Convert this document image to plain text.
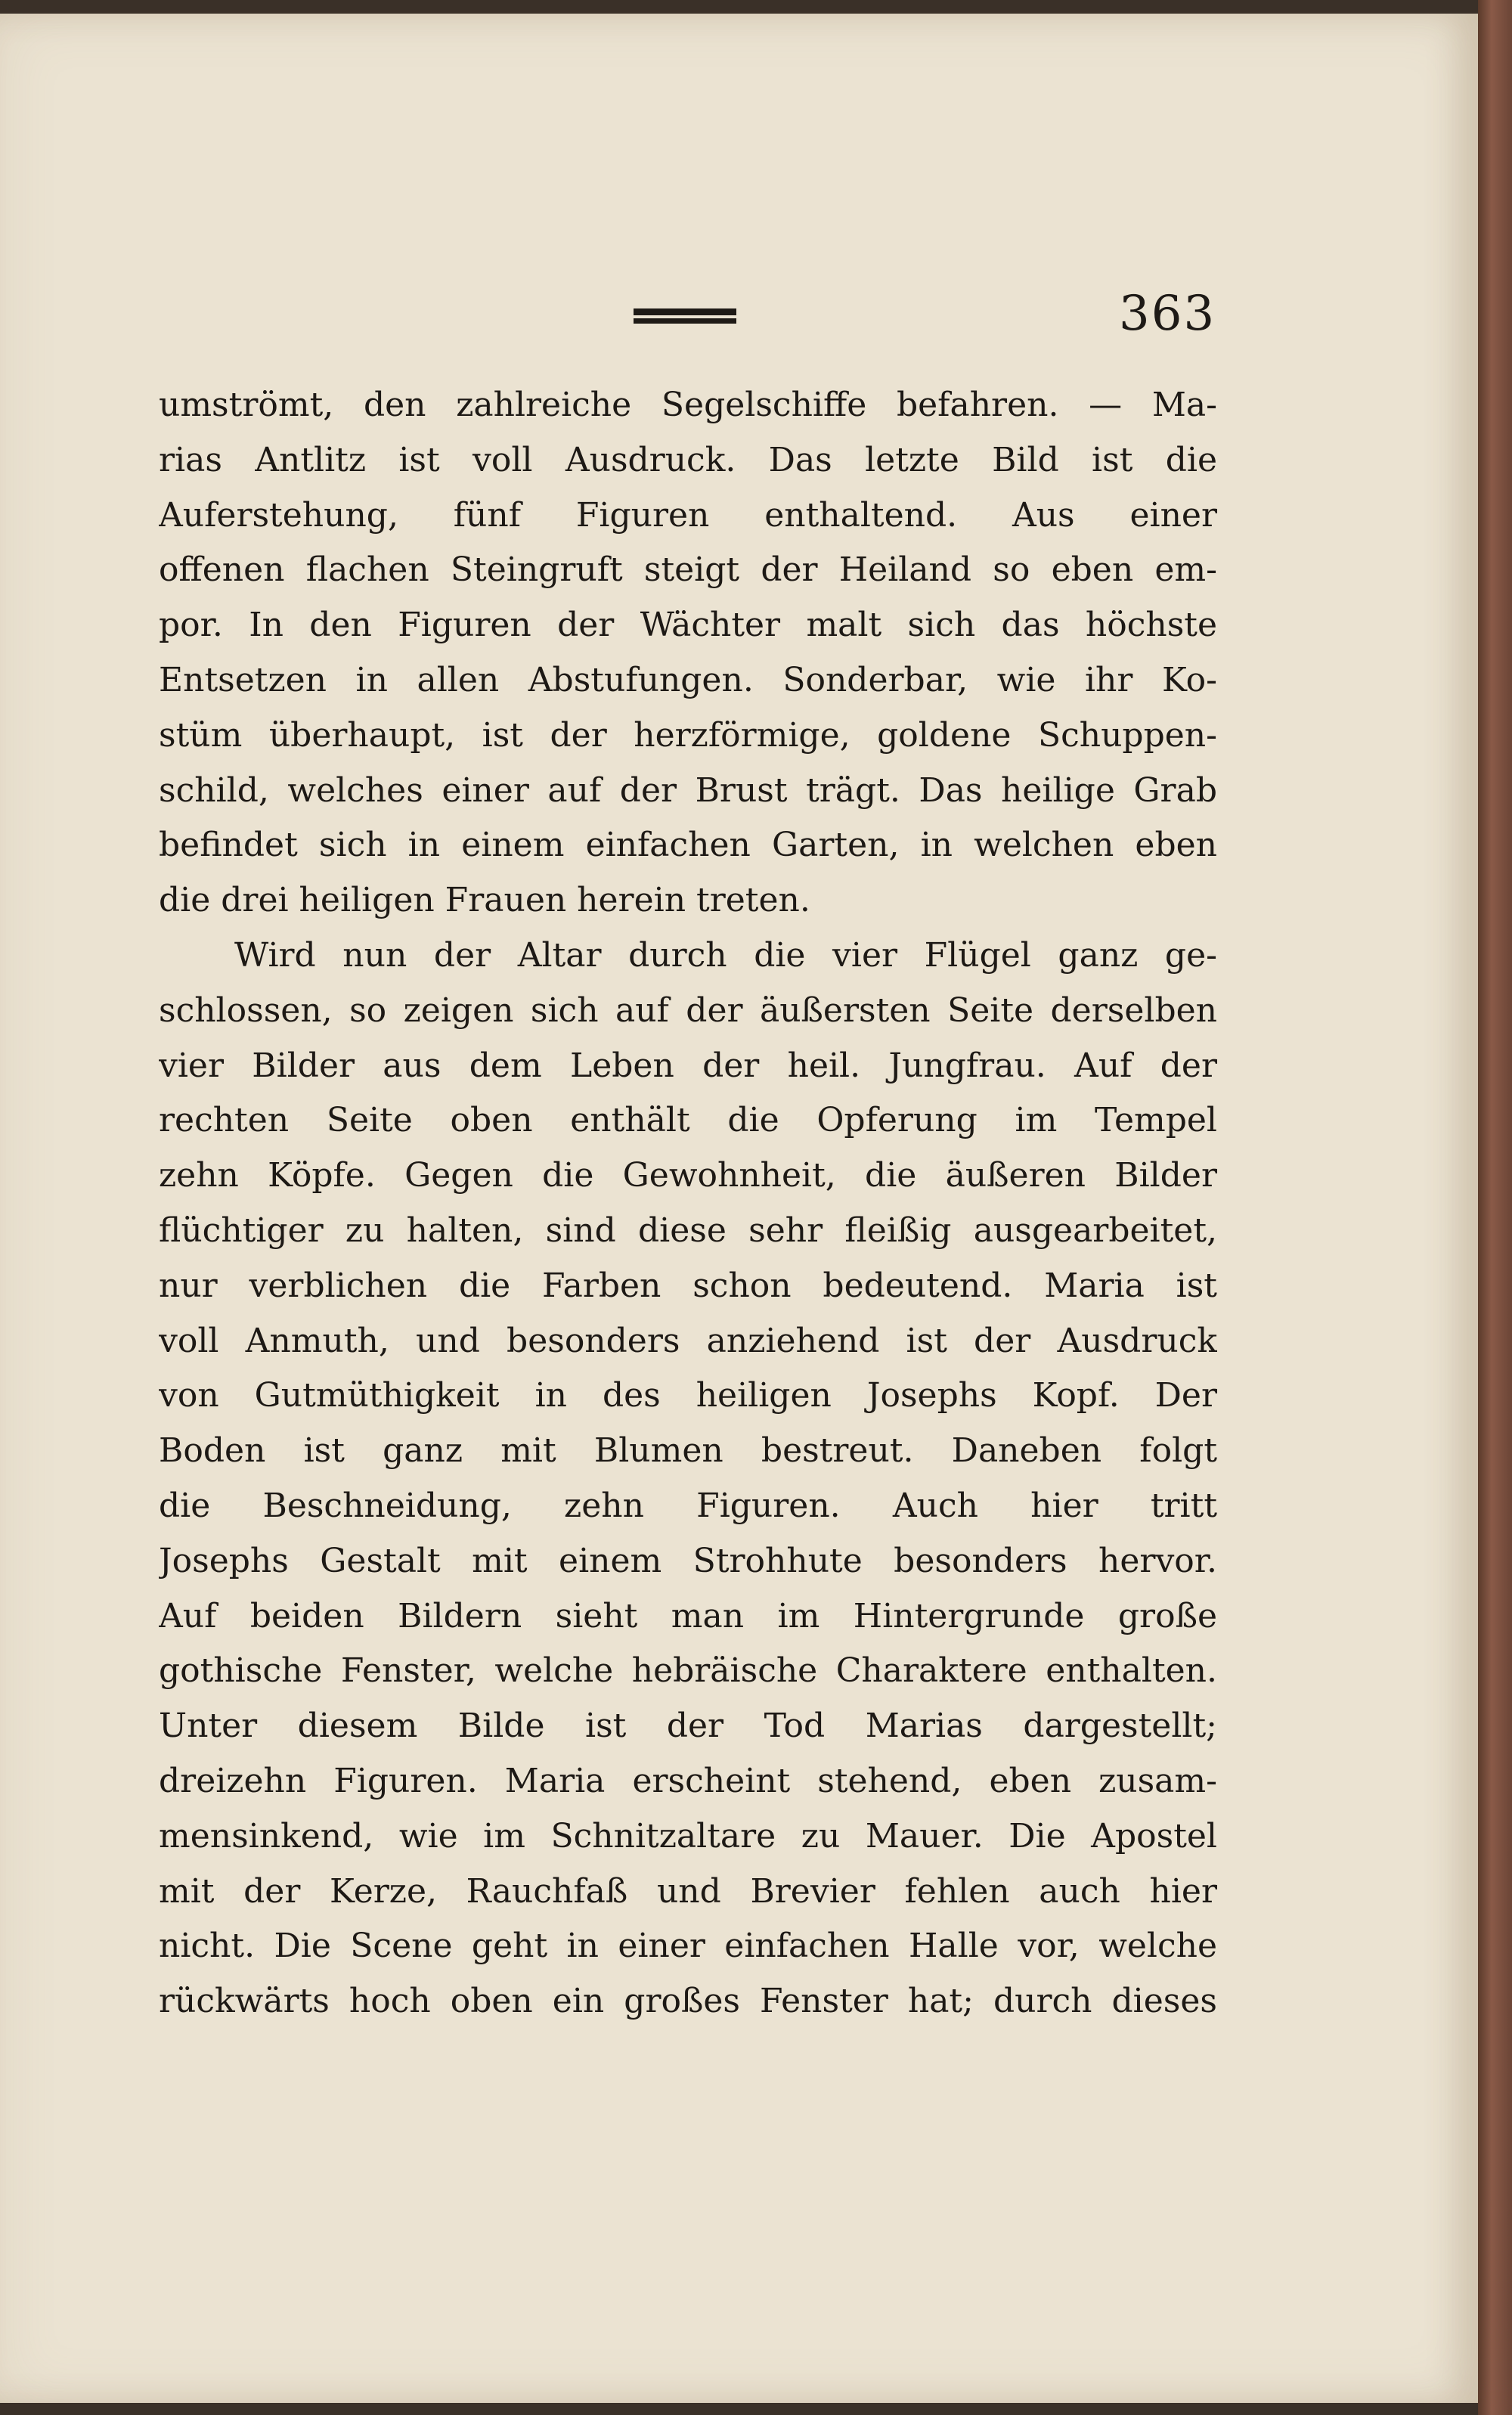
363
umströmt, den zahlreiche Segelschiffe befahren. — Ma-
rias Antlitz ist voll Ausdruck. Das letzte Bild ist die
Auferstehung, fünf Figuren enthaltend. Aus einer
offenen flachen Steingruft steigt der Heiland so eben em-
por. In den Figuren der Wächter malt sich das höchste
Entsetzen in allen Abstufungen. Sonderbar, wie ihr Ko-
stüm überhaupt, ist der herzförmige, goldene Schuppen-
schild, welches einer auf der Brust trägt. Das heilige Grab
befindet sich in einem einfachen Garten, in welchen eben
die drei heiligen Frauen herein treten.
Wird nun der Altar durch die vier Flügel ganz ge-
schlossen, so zeigen sich auf der äußersten Seite derselben
vier Bilder aus dem Leben der heil. Jungfrau. Auf der
rechten Seite oben enthält die Opferung im Tempel
zehn Köpfe. Gegen die Gewohnheit, die äußeren Bilder
flüchtiger zu halten, sind diese sehr fleißig ausgearbeitet,
nur verblichen die Farben schon bedeutend. Maria ist
voll Anmuth, und besonders anziehend ist der Ausdruck
von Gutmüthigkeit in des heiligen Josephs Kopf. Der
Boden ist ganz mit Blumen bestreut. Daneben folgt
die Beschneidung, zehn Figuren. Auch hier tritt
Josephs Gestalt mit einem Strohhute besonders hervor.
Auf beiden Bildern sieht man im Hintergrunde große
gothische Fenster, welche hebräische Charaktere enthalten.
Unter diesem Bilde ist der Tod Marias dargestellt;
dreizehn Figuren. Maria erscheint stehend, eben zusam-
mensinkend, wie im Schnitzaltare zu Mauer. Die Apostel
mit der Kerze, Rauchfaß und Brevier fehlen auch hier
nicht. Die Scene geht in einer einfachen Halle vor, welche
rückwärts hoch oben ein großes Fenster hat; durch dieses
